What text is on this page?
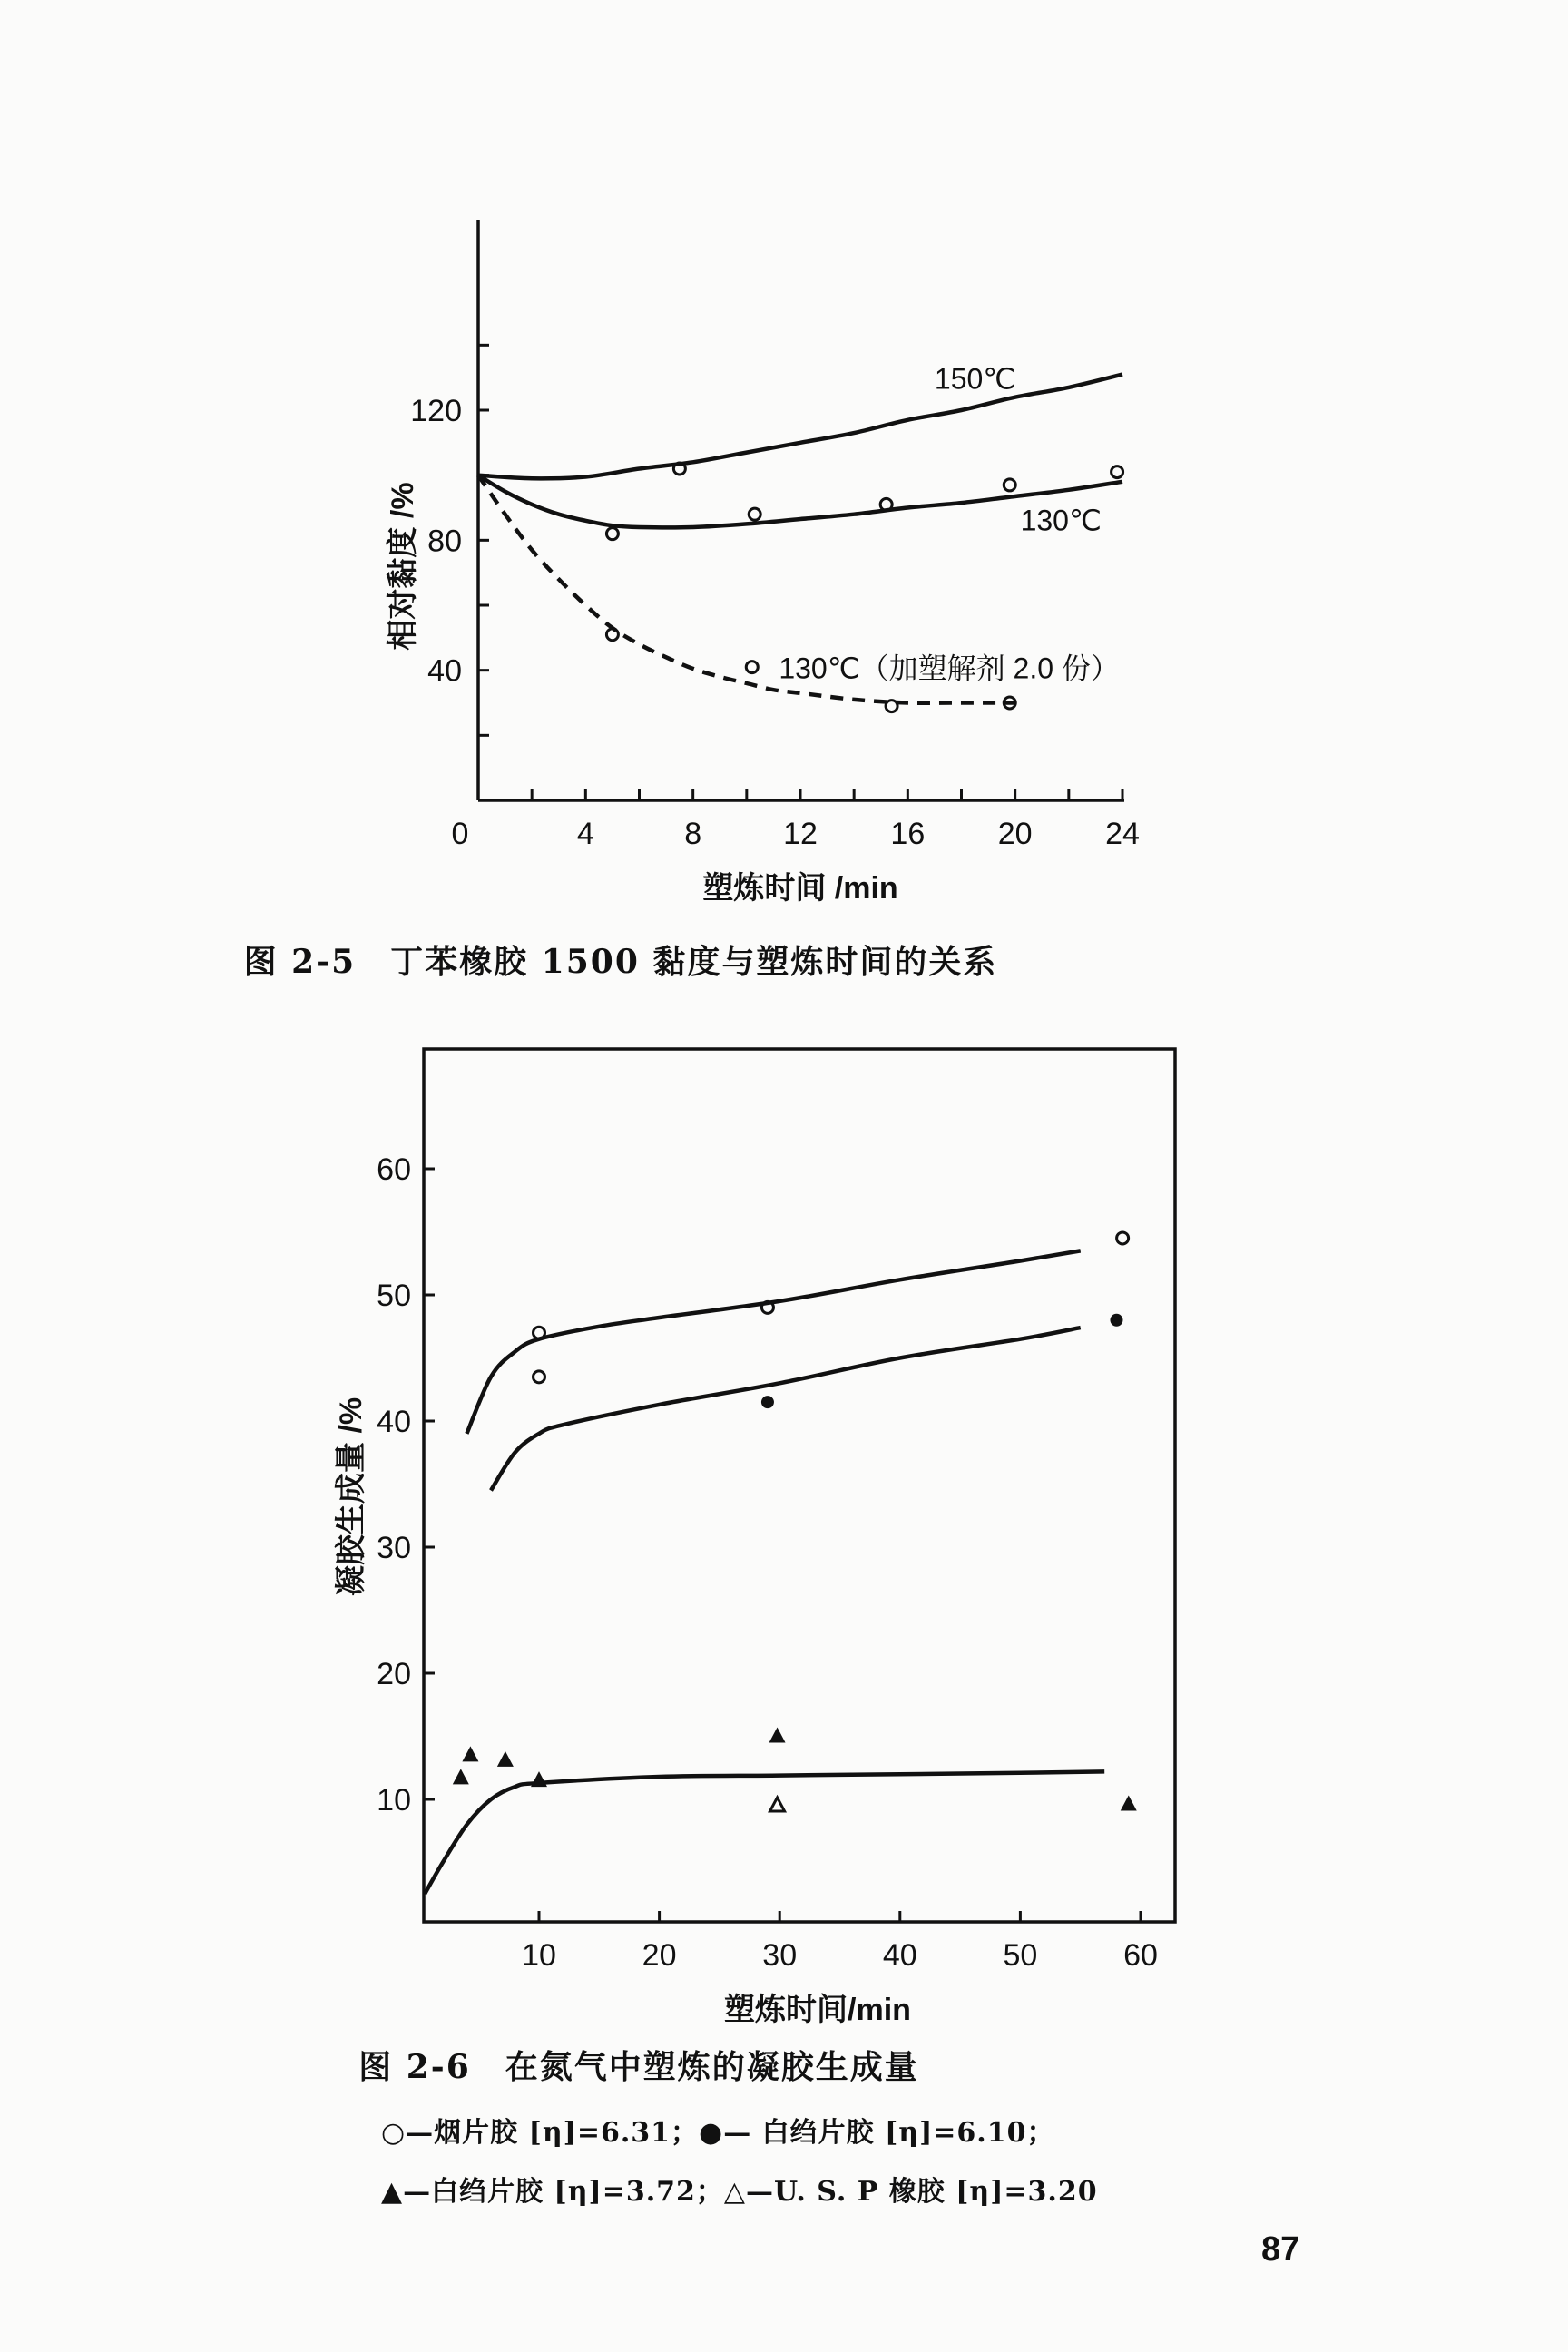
40
80
120
0	4	8	12 16 20 24
塑炼时间 /min
相对黏度 /%
150℃
130℃
130℃（加塑解剂 2.0 份）
图 2-5　丁苯橡胶 1500 黏度与塑炼时间的关系
10
20
30
40
50
60
10	20	30	40	50	60
塑炼时间/min
凝胶生成量 /%
图 2-6　在氮气中塑炼的凝胶生成量
○—烟片胶 [η]=6.31；●— 白绉片胶 [η]=6.10；
▲—白绉片胶 [η]=3.72；△—U. S. P 橡胶 [η]=3.20
87
